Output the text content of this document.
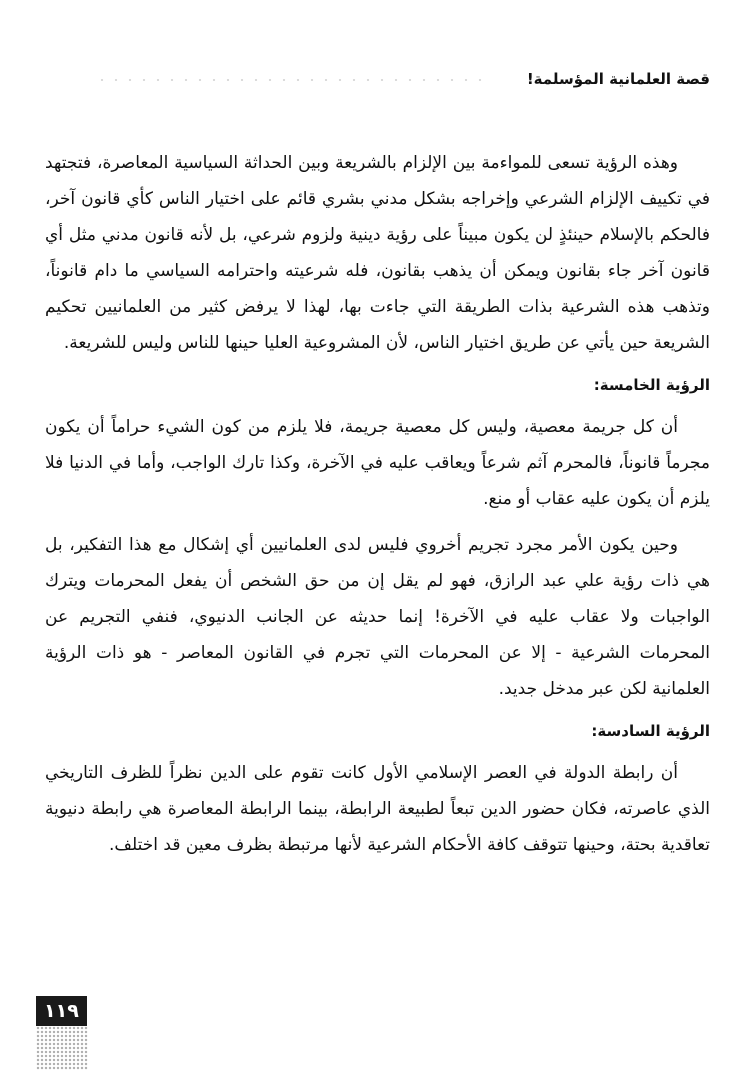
قصة العلمانية المؤسلمة!

وهذه الرؤية تسعى للمواءمة بين الإلزام بالشريعة وبين الحداثة السياسية المعاصرة، فتجتهد في تكييف الإلزام الشرعي وإخراجه بشكل مدني بشري قائم على اختيار الناس كأي قانون آخر، فالحكم بالإسلام حينئذٍ لن يكون مبيناً على رؤية دينية ولزوم شرعي، بل لأنه قانون مدني مثل أي قانون آخر جاء بقانون ويمكن أن يذهب بقانون، فله شرعيته واحترامه السياسي ما دام قانوناً، وتذهب هذه الشرعية بذات الطريقة التي جاءت بها، لهذا لا يرفض كثير من العلمانيين تحكيم الشريعة حين يأتي عن طريق اختيار الناس، لأن المشروعية العليا حينها للناس وليس للشريعة.

الرؤية الخامسة:

أن كل جريمة معصية، وليس كل معصية جريمة، فلا يلزم من كون الشيء حراماً أن يكون مجرماً قانوناً، فالمحرم آثم شرعاً ويعاقب عليه في الآخرة، وكذا تارك الواجب، وأما في الدنيا فلا يلزم أن يكون عليه عقاب أو منع.

وحين يكون الأمر مجرد تجريم أخروي فليس لدى العلمانيين أي إشكال مع هذا التفكير، بل هي ذات رؤية علي عبد الرازق، فهو لم يقل إن من حق الشخص أن يفعل المحرمات ويترك الواجبات ولا عقاب عليه في الآخرة! إنما حديثه عن الجانب الدنيوي، فنفي التجريم عن المحرمات الشرعية - إلا عن المحرمات التي تجرم في القانون المعاصر - هو ذات الرؤية العلمانية لكن عبر مدخل جديد.

الرؤية السادسة:

أن رابطة الدولة في العصر الإسلامي الأول كانت تقوم على الدين نظراً للظرف التاريخي الذي عاصرته، فكان حضور الدين تبعاً لطبيعة الرابطة، بينما الرابطة المعاصرة هي رابطة دنيوية تعاقدية بحتة، وحينها تتوقف كافة الأحكام الشرعية لأنها مرتبطة بظرف معين قد اختلف.

١١٩
